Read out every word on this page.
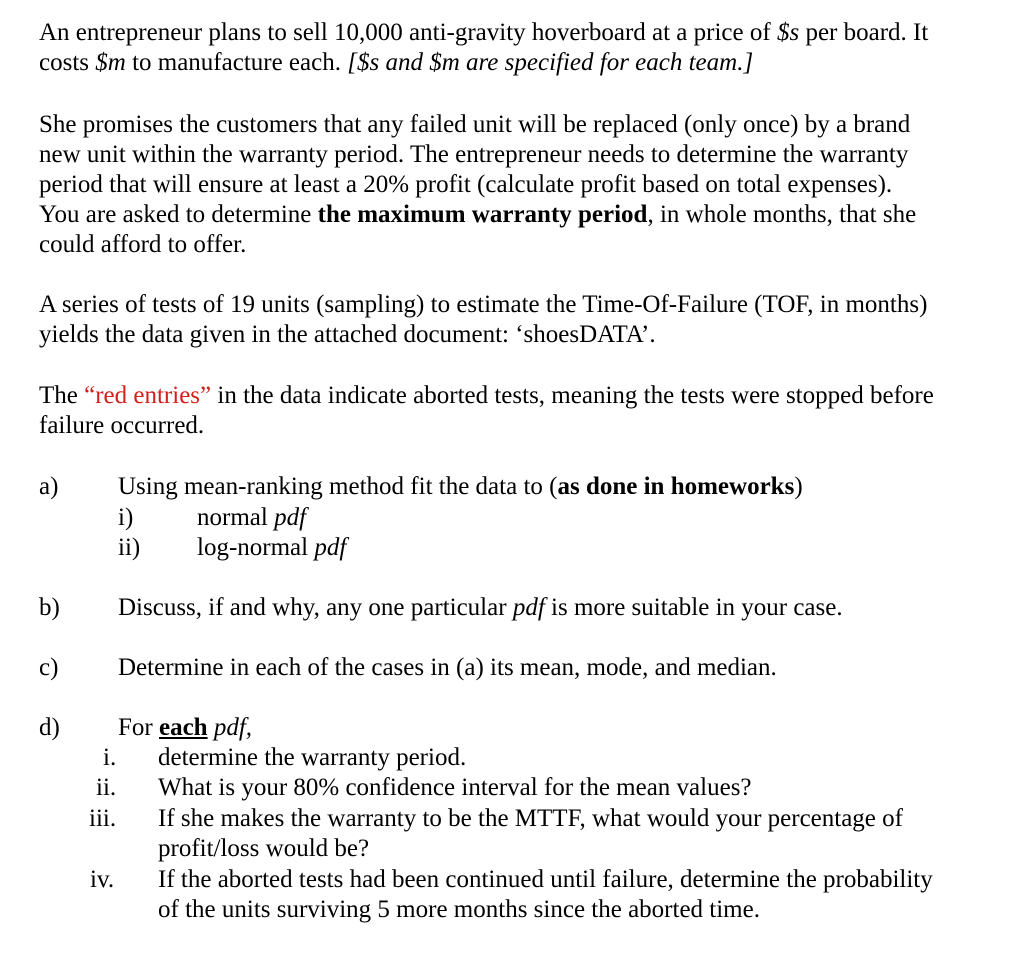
An entrepreneur plans to sell 10,000 anti-gravity hoverboard at a price of $s per board. It
costs $m to manufacture each. [$s and $m are specified for each team.]
She promises the customers that any failed unit will be replaced (only once) by a brand
new unit within the warranty period. The entrepreneur needs to determine the warranty
period that will ensure at least a 20% profit (calculate profit based on total expenses).
You are asked to determine the maximum warranty period, in whole months, that she
could afford to offer.
A series of tests of 19 units (sampling) to estimate the Time-Of-Failure (TOF, in months)
yields the data given in the attached document: ‘shoesDATA’.
The “red entries” in the data indicate aborted tests, meaning the tests were stopped before
failure occurred.
a) Using mean-ranking method fit the data to (as done in homeworks)
i)	normal pdf
ii) log-normal pdf
b) Discuss, if and why, any one particular pdf is more suitable in your case.
c) Determine in each of the cases in (a) its mean, mode, and median.
d) For each pdf,
i. determine the warranty period.
ii. What is your 80% confidence interval for the mean values?
iii. If she makes the warranty to be the MTTF, what would your percentage of
profit/loss would be?
iv. If the aborted tests had been continued until failure, determine the probability
of the units surviving 5 more months since the aborted time.
